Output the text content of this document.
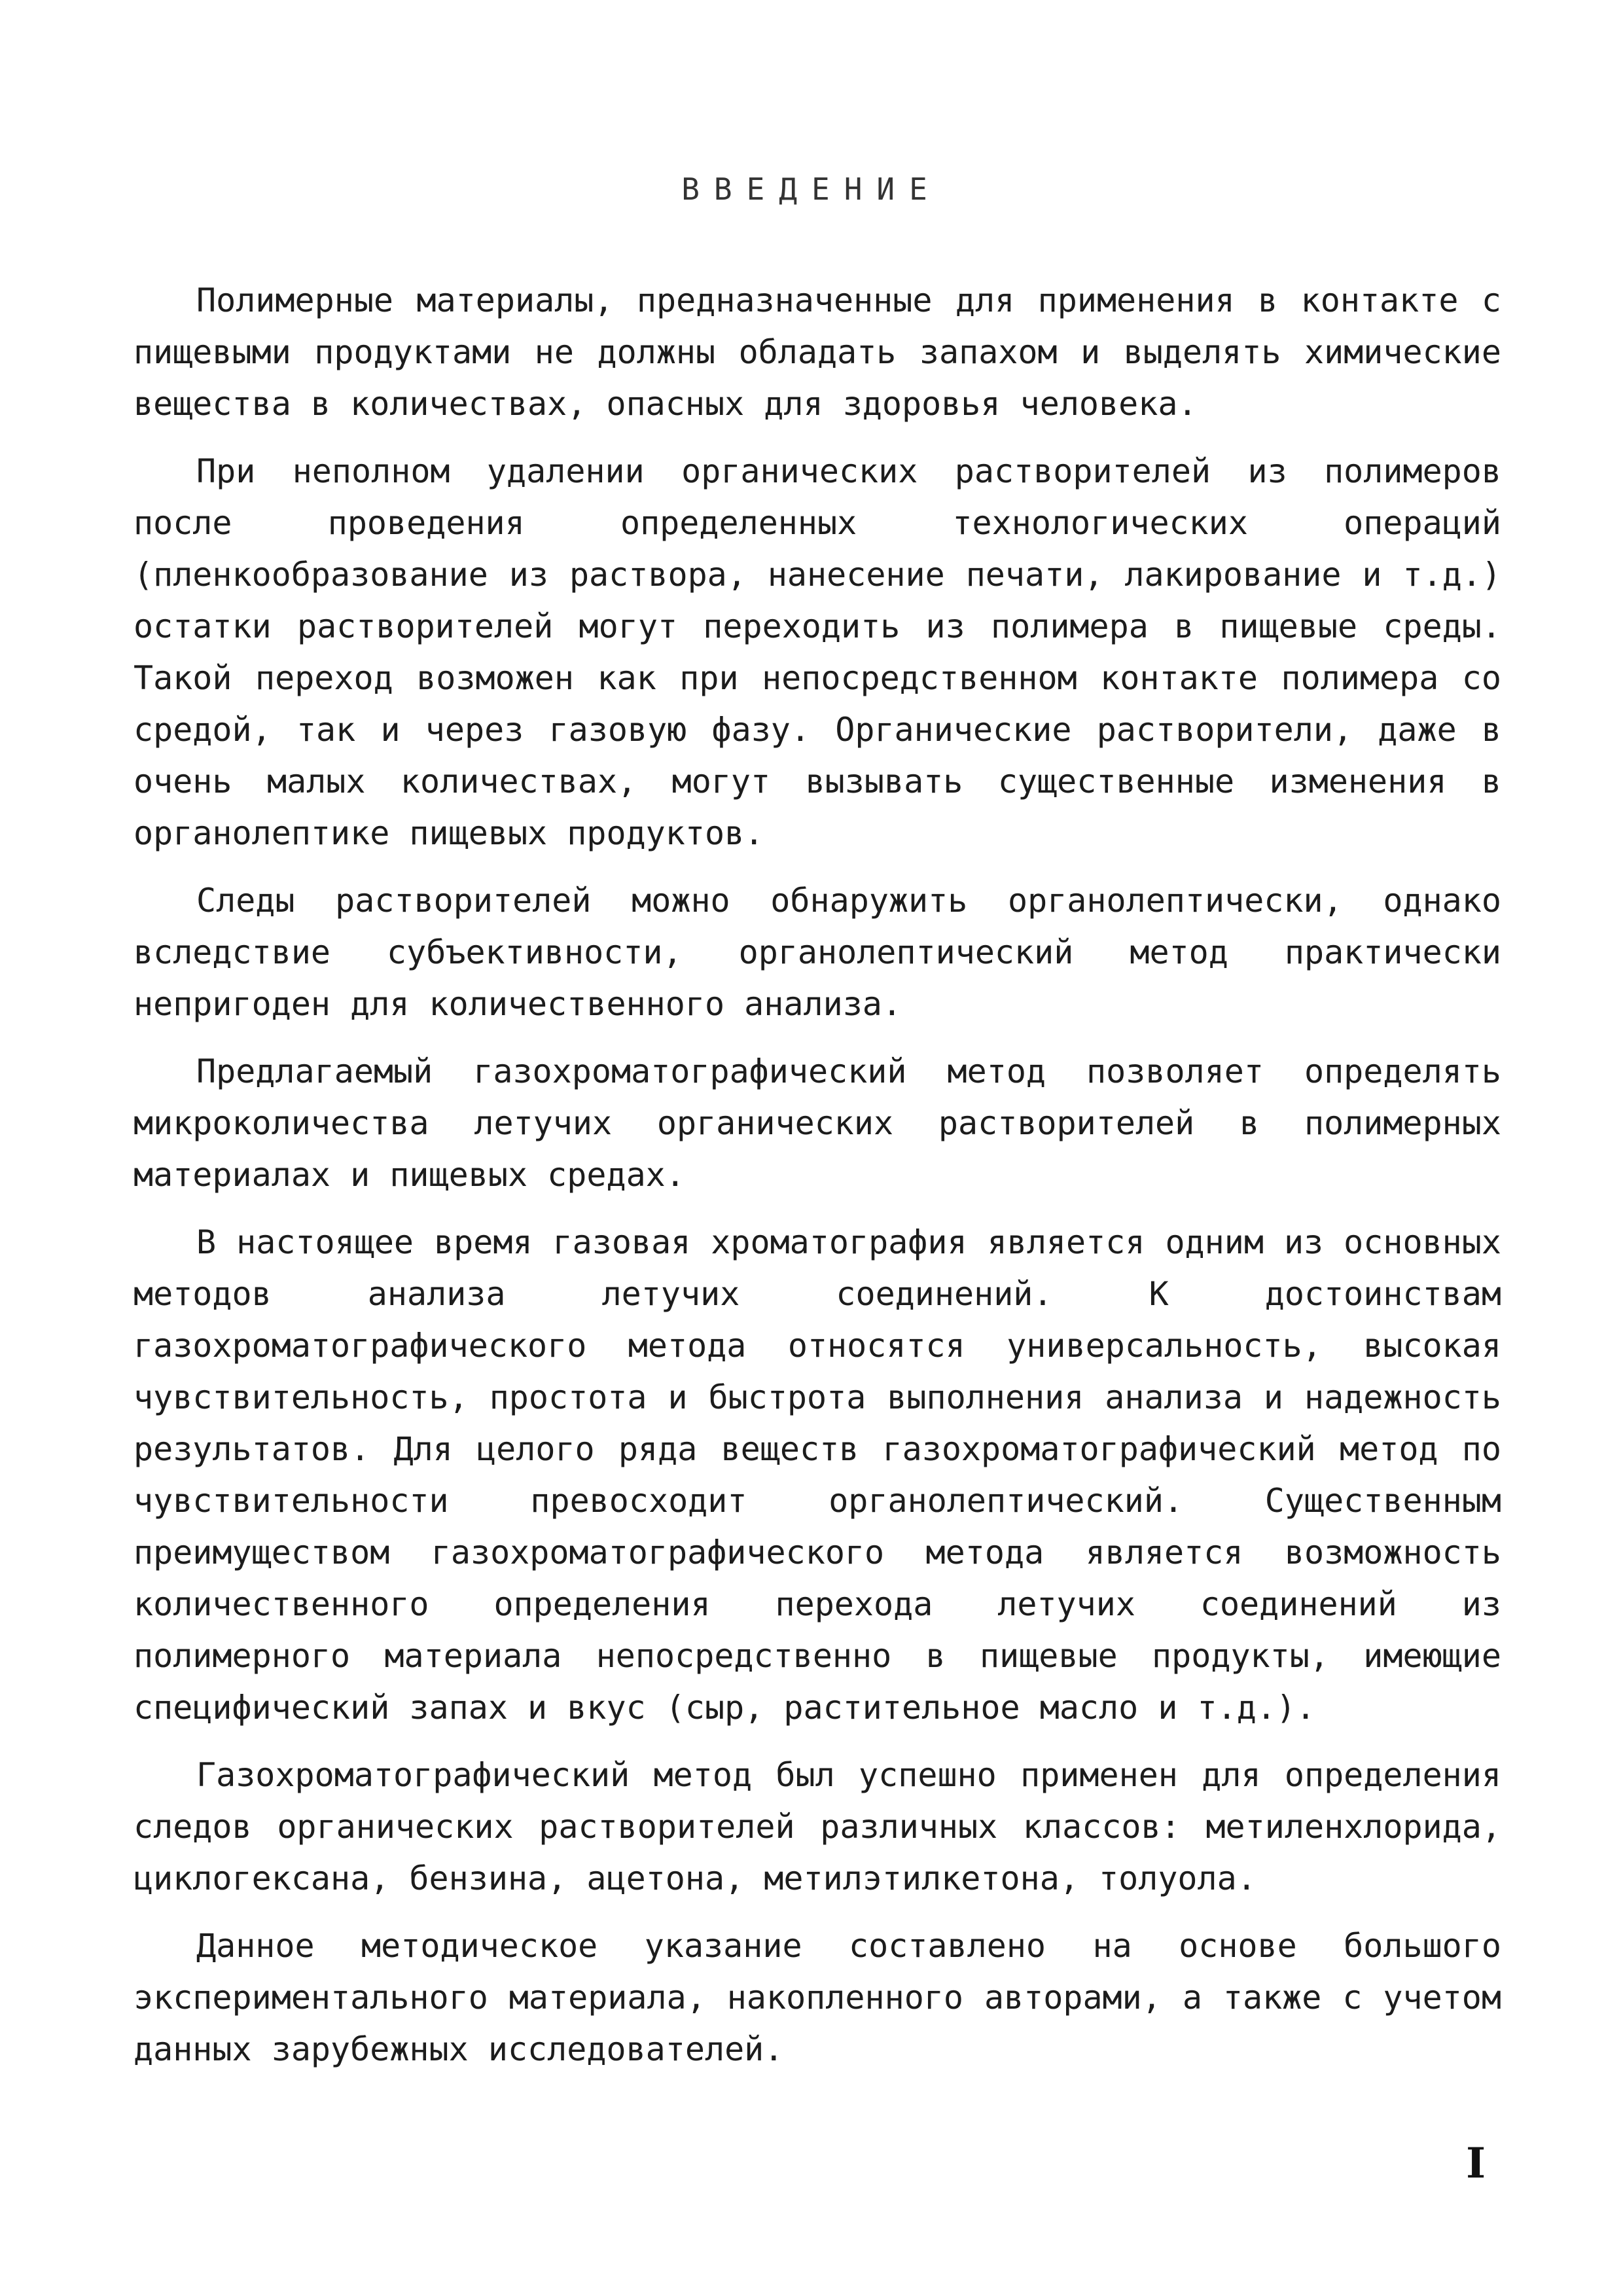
ВВЕДЕНИЕ

Полимерные материалы, предназначенные для применения в контакте с пищевыми продуктами не должны обладать запахом и выделять химические вещества в количествах, опасных для здоровья человека.

При неполном удалении органических растворителей из полимеров после проведения определенных технологических операций (пленкообразование из раствора, нанесение печати, лакирование и т.д.) остатки растворителей могут переходить из полимера в пищевые среды. Такой переход возможен как при непосредственном контакте полимера со средой, так и через газовую фазу. Органические растворители, даже в очень малых количествах, могут вызывать существенные изменения в органолептике пищевых продуктов.

Следы растворителей можно обнаружить органолептически, однако вследствие субъективности, органолептический метод практически непригоден для количественного анализа.

Предлагаемый газохроматографический метод позволяет определять микроколичества летучих органических растворителей в полимерных материалах и пищевых средах.

В настоящее время газовая хроматография является одним из основных методов анализа летучих соединений. К достоинствам газохроматографического метода относятся универсальность, высокая чувствительность, простота и быстрота выполнения анализа и надежность результатов. Для целого ряда веществ газохроматографический метод по чувствительности превосходит органолептический. Существенным преимуществом газохроматографического метода является возможность количественного определения перехода летучих соединений из полимерного материала непосредственно в пищевые продукты, имеющие специфический запах и вкус (сыр, растительное масло и т.д.).

Газохроматографический метод был успешно применен для определения следов органических растворителей различных классов: метиленхлорида, циклогексана, бензина, ацетона, метилэтилкетона, толуола.

Данное методическое указание составлено на основе большого экспериментального материала, накопленного авторами, а также с учетом данных зарубежных исследователей.

I
